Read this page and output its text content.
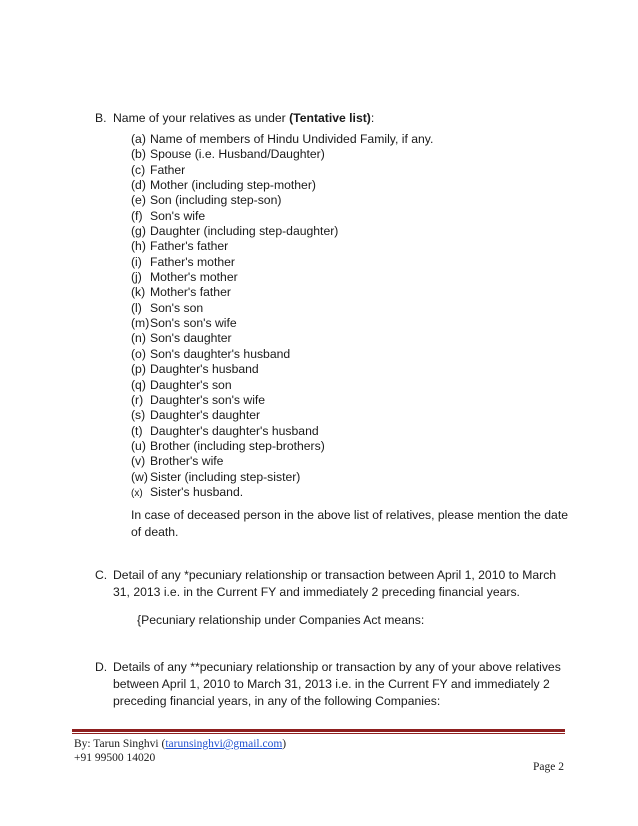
B. Name of your relatives as under (Tentative list):
(a) Name of members of Hindu Undivided Family, if any.
(b) Spouse (i.e. Husband/Daughter)
(c) Father
(d) Mother (including step-mother)
(e) Son (including step-son)
(f) Son's wife
(g) Daughter (including step-daughter)
(h) Father's father
(i) Father's mother
(j) Mother's mother
(k) Mother's father
(l) Son's son
(m)Son's son's wife
(n) Son's daughter
(o) Son's daughter's husband
(p) Daughter's husband
(q) Daughter's son
(r) Daughter's son's wife
(s) Daughter's daughter
(t) Daughter's daughter's husband
(u) Brother (including step-brothers)
(v) Brother's wife
(w) Sister (including step-sister)
(x) Sister's husband.
In case of deceased person in the above list of relatives, please mention the date of death.
C. Detail of any *pecuniary relationship or transaction between April 1, 2010 to March 31, 2013 i.e. in the Current FY and immediately 2 preceding financial years.
{Pecuniary relationship under Companies Act means:
D. Details of any **pecuniary relationship or transaction by any of your above relatives between April 1, 2010 to March 31, 2013 i.e. in the Current FY and immediately 2 preceding financial years, in any of the following Companies:
By: Tarun Singhvi (tarunsinghvi@gmail.com)
+91 99500 14020
Page 2
